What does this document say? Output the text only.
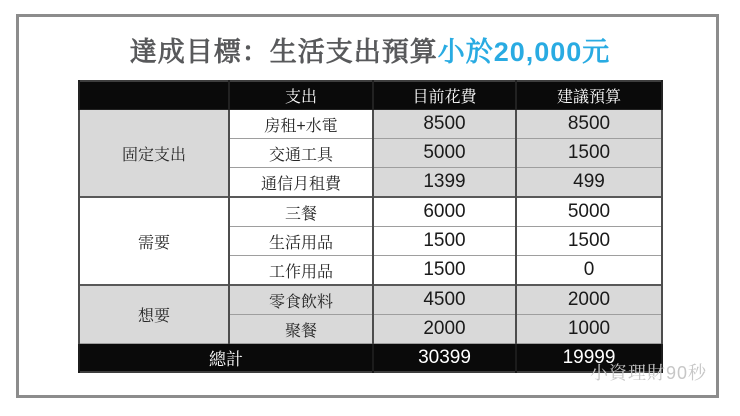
達成目標：生活支出預算小於20,000元
	支出	目前花費	建議預算
固定支出	房租+水電	8500	8500
	交通工具	5000	1500
	通信月租費	1399	499
需要	三餐	6000	5000
	生活用品	1500	1500
	工作用品	1500	0
想要	零食飲料	4500	2000
	聚餐	2000	1000
總計		30399	19999
小資理財90秒
